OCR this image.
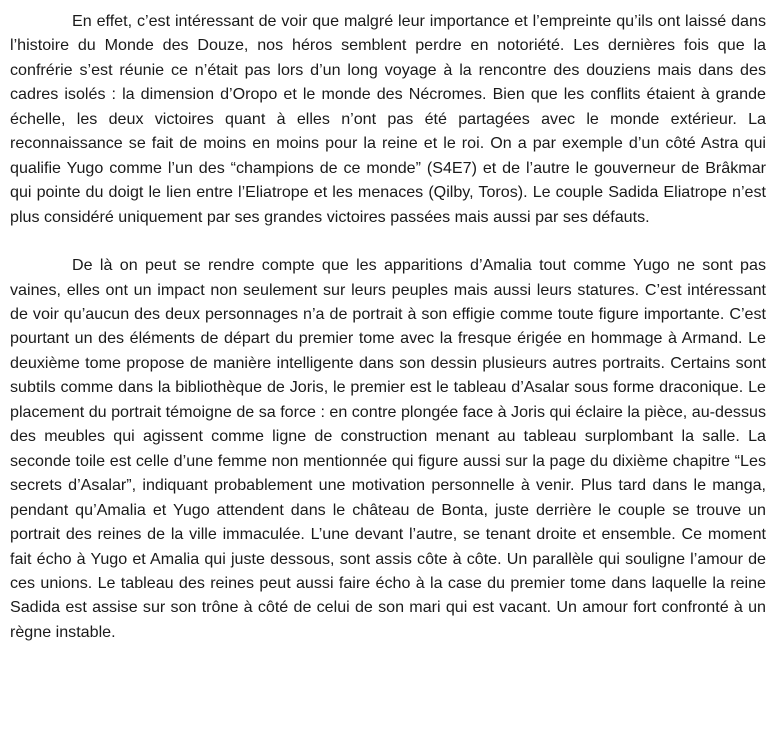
En effet, c’est intéressant de voir que malgré leur importance et l’empreinte qu’ils ont laissé dans l’histoire du Monde des Douze, nos héros semblent perdre en notoriété. Les dernières fois que la confrérie s’est réunie ce n’était pas lors d’un long voyage à la rencontre des douziens mais dans des cadres isolés : la dimension d’Oropo et le monde des Nécromes. Bien que les conflits étaient à grande échelle, les deux victoires quant à elles n’ont pas été partagées avec le monde extérieur. La reconnaissance se fait de moins en moins pour la reine et le roi. On a par exemple d’un côté Astra qui qualifie Yugo comme l’un des “champions de ce monde” (S4E7) et de l’autre le gouverneur de Brâkmar qui pointe du doigt le lien entre l’Eliatrope et les menaces (Qilby, Toros). Le couple Sadida Eliatrope n’est plus considéré uniquement par ses grandes victoires passées mais aussi par ses défauts.

De là on peut se rendre compte que les apparitions d’Amalia tout comme Yugo ne sont pas vaines, elles ont un impact non seulement sur leurs peuples mais aussi leurs statures. C’est intéressant de voir qu’aucun des deux personnages n’a de portrait à son effigie comme toute figure importante. C’est pourtant un des éléments de départ du premier tome avec la fresque érigée en hommage à Armand. Le deuxième tome propose de manière intelligente dans son dessin plusieurs autres portraits. Certains sont subtils comme dans la bibliothèque de Joris, le premier est le tableau d’Asalar sous forme draconique. Le placement du portrait témoigne de sa force : en contre plongée face à Joris qui éclaire la pièce, au-dessus des meubles qui agissent comme ligne de construction menant au tableau surplombant la salle. La seconde toile est celle d’une femme non mentionnée qui figure aussi sur la page du dixième chapitre “Les secrets d’Asalar”, indiquant probablement une motivation personnelle à venir. Plus tard dans le manga, pendant qu’Amalia et Yugo attendent dans le château de Bonta, juste derrière le couple se trouve un portrait des reines de la ville immaculée. L’une devant l’autre, se tenant droite et ensemble. Ce moment fait écho à Yugo et Amalia qui juste dessous, sont assis côte à côte. Un parallèle qui souligne l’amour de ces unions. Le tableau des reines peut aussi faire écho à la case du premier tome dans laquelle la reine Sadida est assise sur son trône à côté de celui de son mari qui est vacant. Un amour fort confronté à un règne instable.
